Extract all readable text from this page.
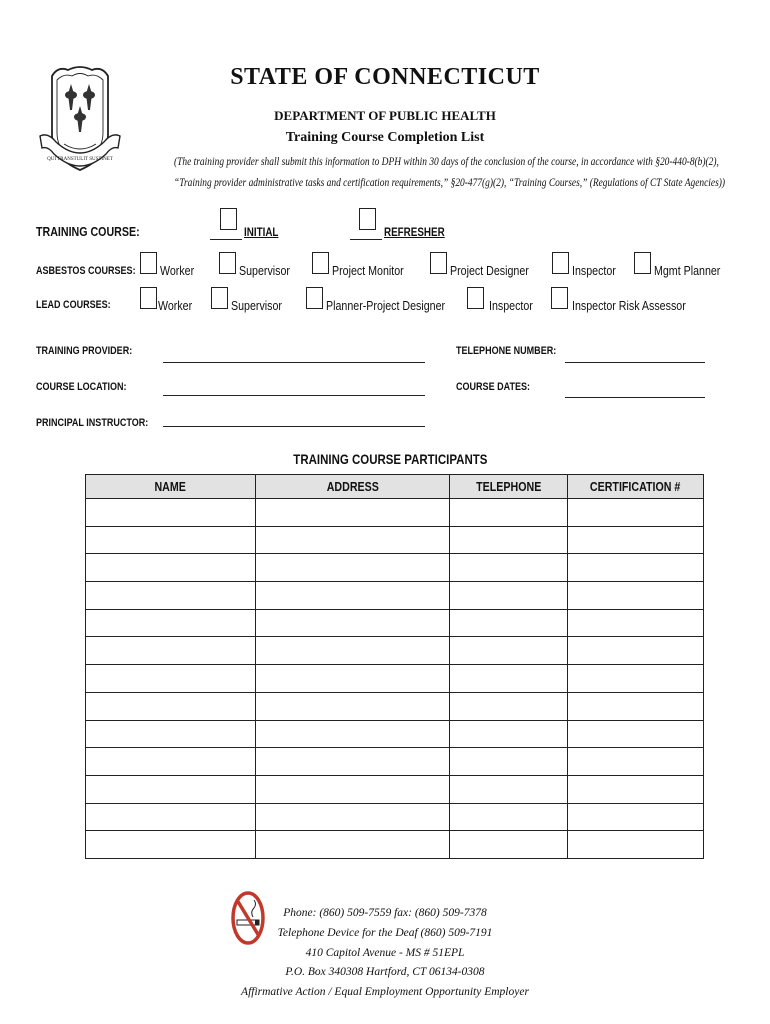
QUI TRANSTULIT SUSTINET
STATE OF CONNECTICUT
DEPARTMENT OF PUBLIC HEALTH
Training Course Completion List
(The training provider shall submit this information to DPH within 30 days of the conclusion of the course, in accordance with §20-440-8(b)(2),
“Training provider administrative tasks and certification requirements,” §20-477(g)(2), “Training Courses,” (Regulations of CT State Agencies))
TRAINING COURSE:	INITIAL	REFRESHER
ASBESTOS COURSES:	Worker	Supervisor	Project Monitor	Project Designer	Inspector	Mgmt Planner
LEAD COURSES:	Worker	Supervisor	Planner-Project Designer	Inspector	Inspector Risk Assessor
TRAINING PROVIDER:	TELEPHONE NUMBER:
COURSE LOCATION:	COURSE DATES:
PRINCIPAL INSTRUCTOR:
TRAINING COURSE PARTICIPANTS
NAME	ADDRESS	TELEPHONE	CERTIFICATION #

Phone: (860) 509-7559 fax: (860) 509-7378
Telephone Device for the Deaf (860) 509-7191
410 Capitol Avenue - MS # 51EPL
P.O. Box 340308 Hartford, CT 06134-0308
Affirmative Action / Equal Employment Opportunity Employer
